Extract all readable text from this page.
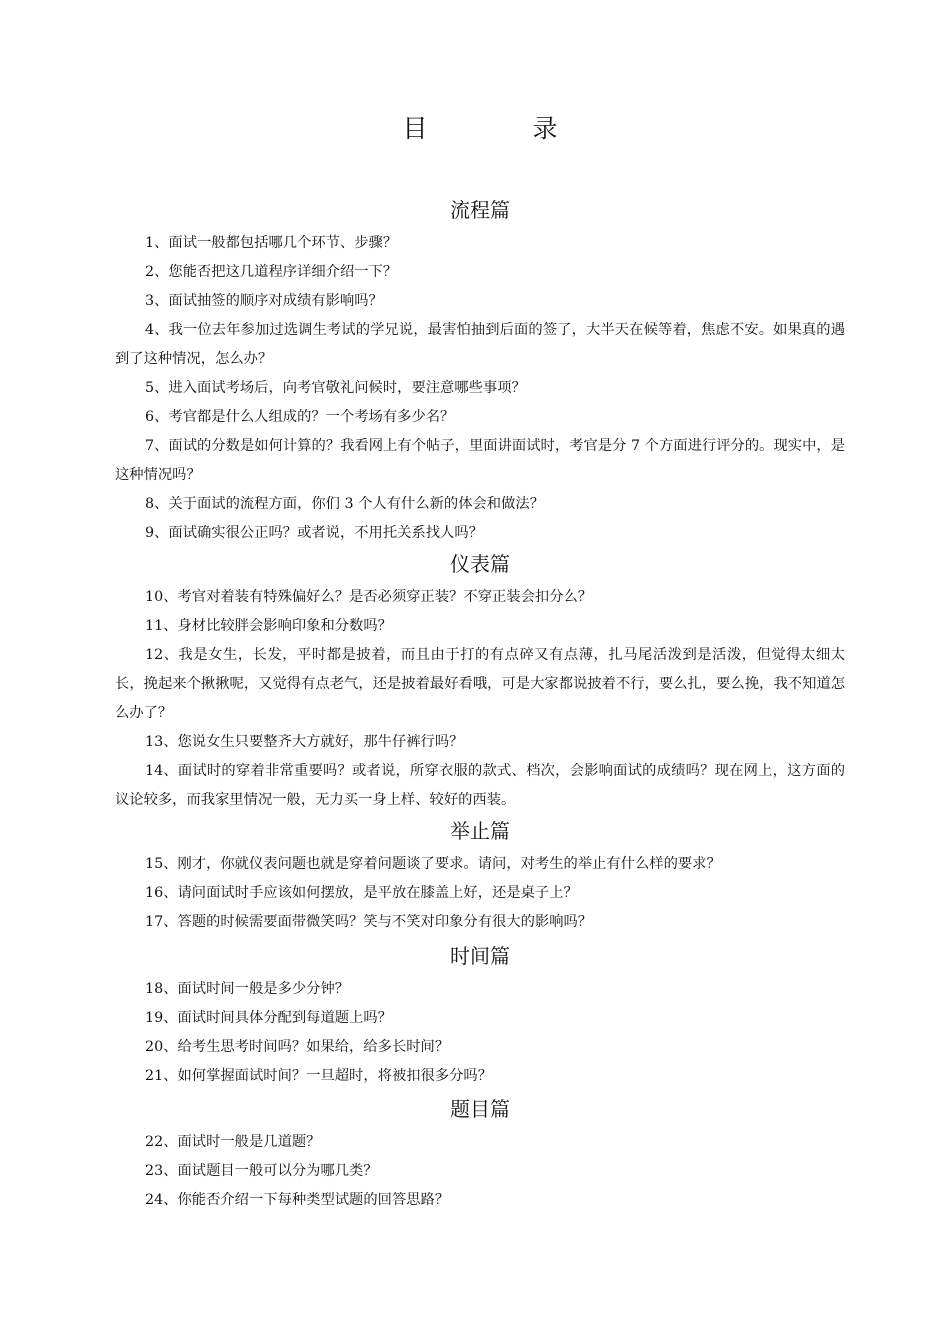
目　录
流程篇

1、面试一般都包括哪几个环节、步骤？

2、您能否把这几道程序详细介绍一下？

3、面试抽签的顺序对成绩有影响吗？

4、我一位去年参加过选调生考试的学兄说，最害怕抽到后面的签了，大半天在候等着，焦虑不安。如果真的遇到了这种情况，怎么办？

5、进入面试考场后，向考官敬礼问候时，要注意哪些事项？

6、考官都是什么人组成的？一个考场有多少名？

7、面试的分数是如何计算的？我看网上有个帖子，里面讲面试时，考官是分 7 个方面进行评分的。现实中，是这种情况吗？

8、关于面试的流程方面，你们 3 个人有什么新的体会和做法？

9、面试确实很公正吗？或者说，不用托关系找人吗？

仪表篇

10、考官对着装有特殊偏好么？是否必须穿正装？不穿正装会扣分么？

11、身材比较胖会影响印象和分数吗？

12、我是女生，长发，平时都是披着，而且由于打的有点碎又有点薄，扎马尾活泼到是活泼，但觉得太细太长，挽起来个揪揪呢，又觉得有点老气，还是披着最好看哦，可是大家都说披着不行，要么扎，要么挽，我不知道怎么办了？

13、您说女生只要整齐大方就好，那牛仔裤行吗？

14、面试时的穿着非常重要吗？或者说，所穿衣服的款式、档次，会影响面试的成绩吗？现在网上，这方面的议论较多，而我家里情况一般，无力买一身上样、较好的西装。

举止篇

15、刚才，你就仪表问题也就是穿着问题谈了要求。请问，对考生的举止有什么样的要求？

16、请问面试时手应该如何摆放，是平放在膝盖上好，还是桌子上？

17、答题的时候需要面带微笑吗？笑与不笑对印象分有很大的影响吗？

时间篇

18、面试时间一般是多少分钟？

19、面试时间具体分配到每道题上吗？

20、给考生思考时间吗？如果给，给多长时间？

21、如何掌握面试时间？一旦超时，将被扣很多分吗？

题目篇

22、面试时一般是几道题？

23、面试题目一般可以分为哪几类？

24、你能否介绍一下每种类型试题的回答思路？
